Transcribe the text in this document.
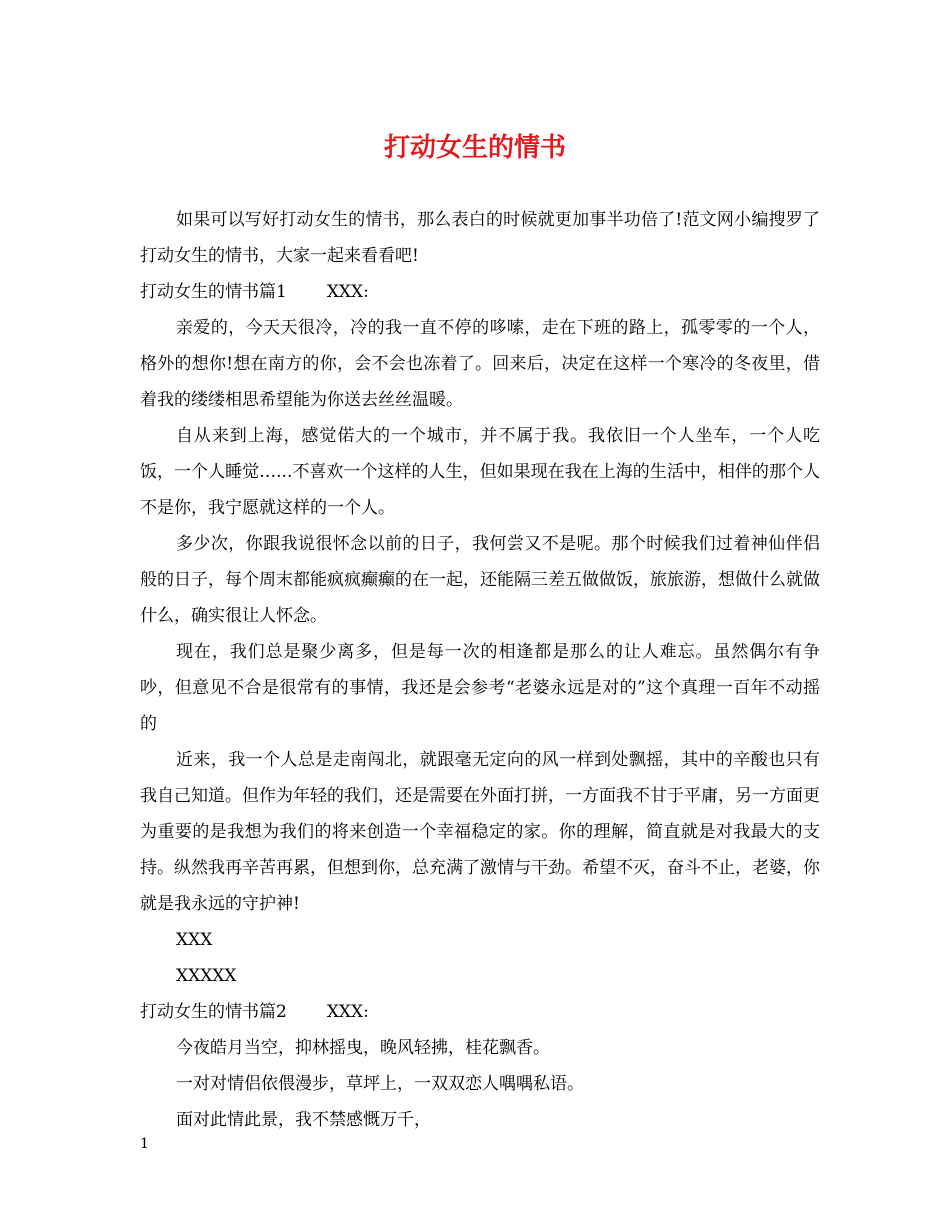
打动女生的情书

如果可以写好打动女生的情书，那么表白的时候就更加事半功倍了!范文网小编搜罗了打动女生的情书，大家一起来看看吧!

打动女生的情书篇1 XXX:

亲爱的，今天天很冷，冷的我一直不停的哆嗦，走在下班的路上，孤零零的一个人，格外的想你!想在南方的你，会不会也冻着了。回来后，决定在这样一个寒冷的冬夜里，借着我的缕缕相思希望能为你送去丝丝温暖。

自从来到上海，感觉偌大的一个城市，并不属于我。我依旧一个人坐车，一个人吃饭，一个人睡觉…...不喜欢一个这样的人生，但如果现在我在上海的生活中，相伴的那个人不是你，我宁愿就这样的一个人。

多少次，你跟我说很怀念以前的日子，我何尝又不是呢。那个时候我们过着神仙伴侣般的日子，每个周末都能疯疯癫癫的在一起，还能隔三差五做做饭，旅旅游，想做什么就做什么，确实很让人怀念。

现在，我们总是聚少离多，但是每一次的相逢都是那么的让人难忘。虽然偶尔有争吵，但意见不合是很常有的事情，我还是会参考“老婆永远是对的”这个真理一百年不动摇的

近来，我一个人总是走南闯北，就跟毫无定向的风一样到处飘摇，其中的辛酸也只有我自己知道。但作为年轻的我们，还是需要在外面打拼，一方面我不甘于平庸，另一方面更为重要的是我想为我们的将来创造一个幸福稳定的家。你的理解，简直就是对我最大的支持。纵然我再辛苦再累，但想到你，总充满了激情与干劲。希望不灭，奋斗不止，老婆，你就是我永远的守护神!

XXX

XXXXX

打动女生的情书篇2 XXX:

今夜皓月当空，抑林摇曳，晚风轻拂，桂花飘香。

一对对情侣依偎漫步，草坪上，一双双恋人喁喁私语。

面对此情此景，我不禁感慨万千，

1
